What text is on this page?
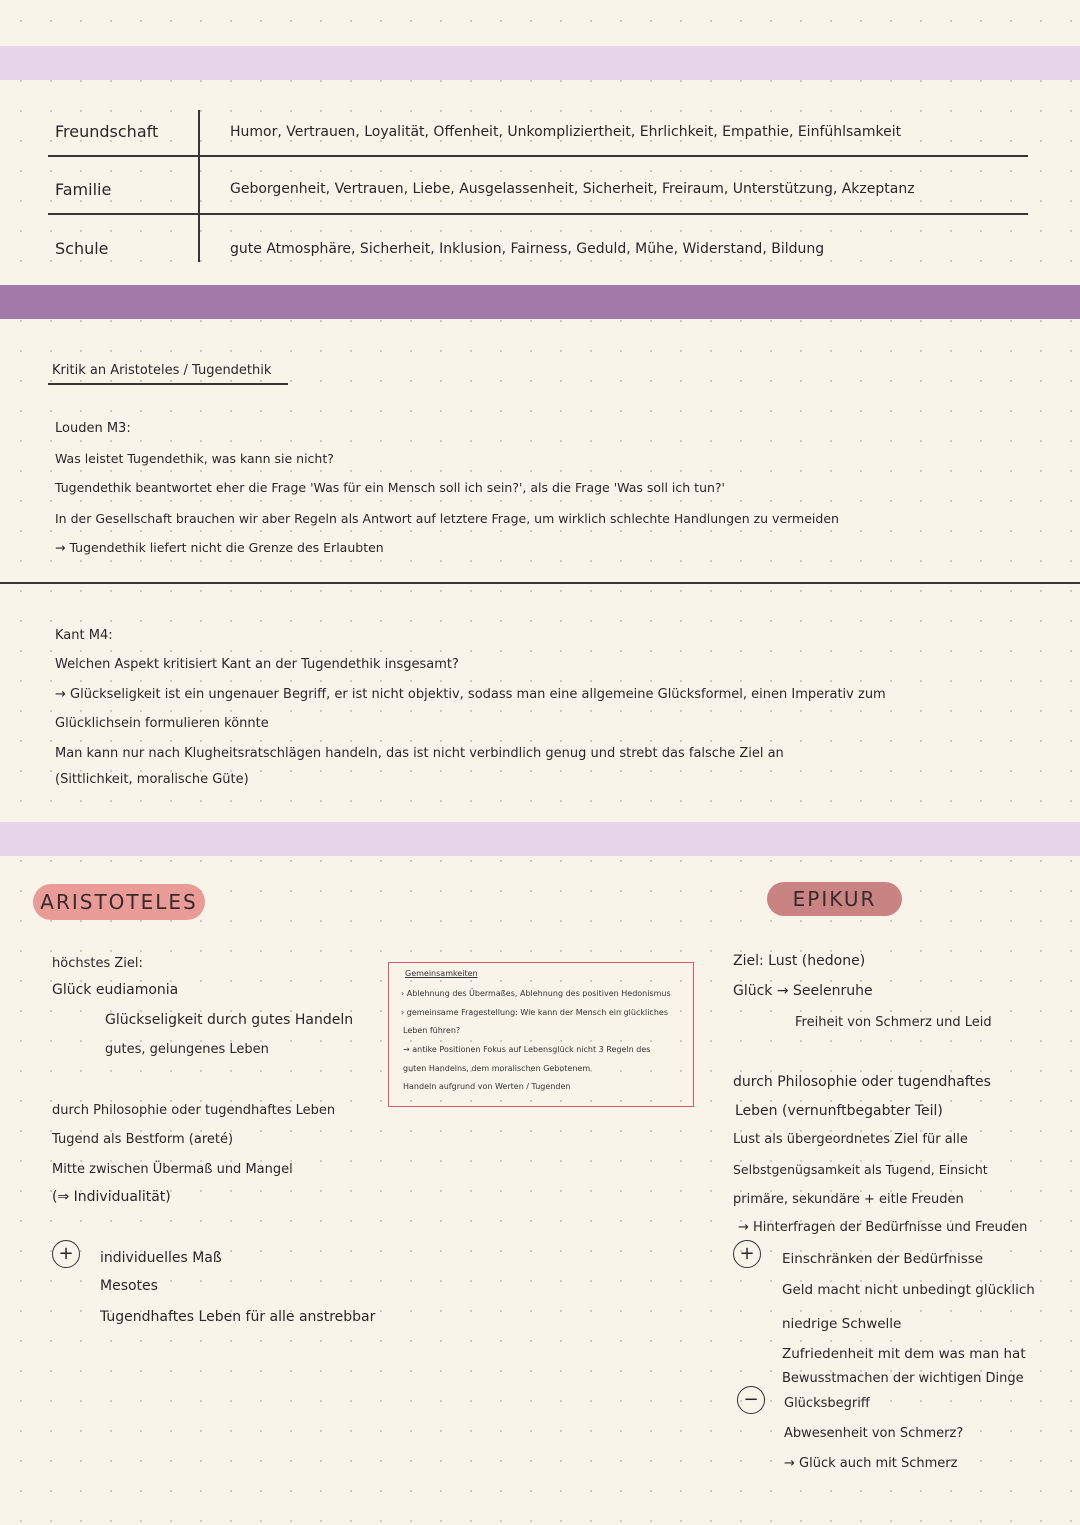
Freundschaft	Humor, Vertrauen, Loyalität, Offenheit, Unkompliziertheit, Ehrlichkeit, Empathie, Einfühlsamkeit
Familie	Geborgenheit, Vertrauen, Liebe, Ausgelassenheit, Sicherheit, Freiraum, Unterstützung, Akzeptanz
Schule	gute Atmosphäre, Sicherheit, Inklusion, Fairness, Geduld, Mühe, Widerstand, Bildung
Kritik an Aristoteles / Tugendethik
Louden M3:
Was leistet Tugendethik, was kann sie nicht?
Tugendethik beantwortet eher die Frage 'Was für ein Mensch soll ich sein?', als die Frage 'Was soll ich tun?'
In der Gesellschaft brauchen wir aber Regeln als Antwort auf letztere Frage, um wirklich schlechte Handlungen zu vermeiden
→ Tugendethik liefert nicht die Grenze des Erlaubten
Kant M4:
Welchen Aspekt kritisiert Kant an der Tugendethik insgesamt?
→ Glückseligkeit ist ein ungenauer Begriff, er ist nicht objektiv, sodass man eine allgemeine Glücksformel, einen Imperativ zum
Glücklichsein formulieren könnte
Man kann nur nach Klugheitsratschlägen handeln, das ist nicht verbindlich genug und strebt das falsche Ziel an
(Sittlichkeit, moralische Güte)
ARISTOTELES
höchstes Ziel:
Glück eudiamonia
Glückseligkeit durch gutes Handeln
gutes, gelungenes Leben
durch Philosophie oder tugendhaftes Leben
Tugend als Bestform (areté)
Mitte zwischen Übermaß und Mangel
(⇒ Individualität)
+	individuelles Maß
Mesotes
Tugendhaftes Leben für alle anstrebbar
Gemeinsamkeiten
› Ablehnung des Übermaßes, Ablehnung des positiven Hedonismus
› gemeinsame Fragestellung: Wie kann der Mensch ein glückliches
Leben führen?
→ antike Positionen Fokus auf Lebensglück nicht 3 Regeln des
guten Handelns, dem moralischen Gebotenem
Handeln aufgrund von Werten / Tugenden
EPIKUR
Ziel: Lust (hedone)
Glück → Seelenruhe
Freiheit von Schmerz und Leid
durch Philosophie oder tugendhaftes
Leben (vernunftbegabter Teil)
Lust als übergeordnetes Ziel für alle
Selbstgenügsamkeit als Tugend, Einsicht
primäre, sekundäre + eitle Freuden
→ Hinterfragen der Bedürfnisse und Freuden
+	Einschränken der Bedürfnisse
Geld macht nicht unbedingt glücklich
niedrige Schwelle
Zufriedenheit mit dem was man hat
Bewusstmachen der wichtigen Dinge
−	Glücksbegriff
Abwesenheit von Schmerz?
→ Glück auch mit Schmerz
